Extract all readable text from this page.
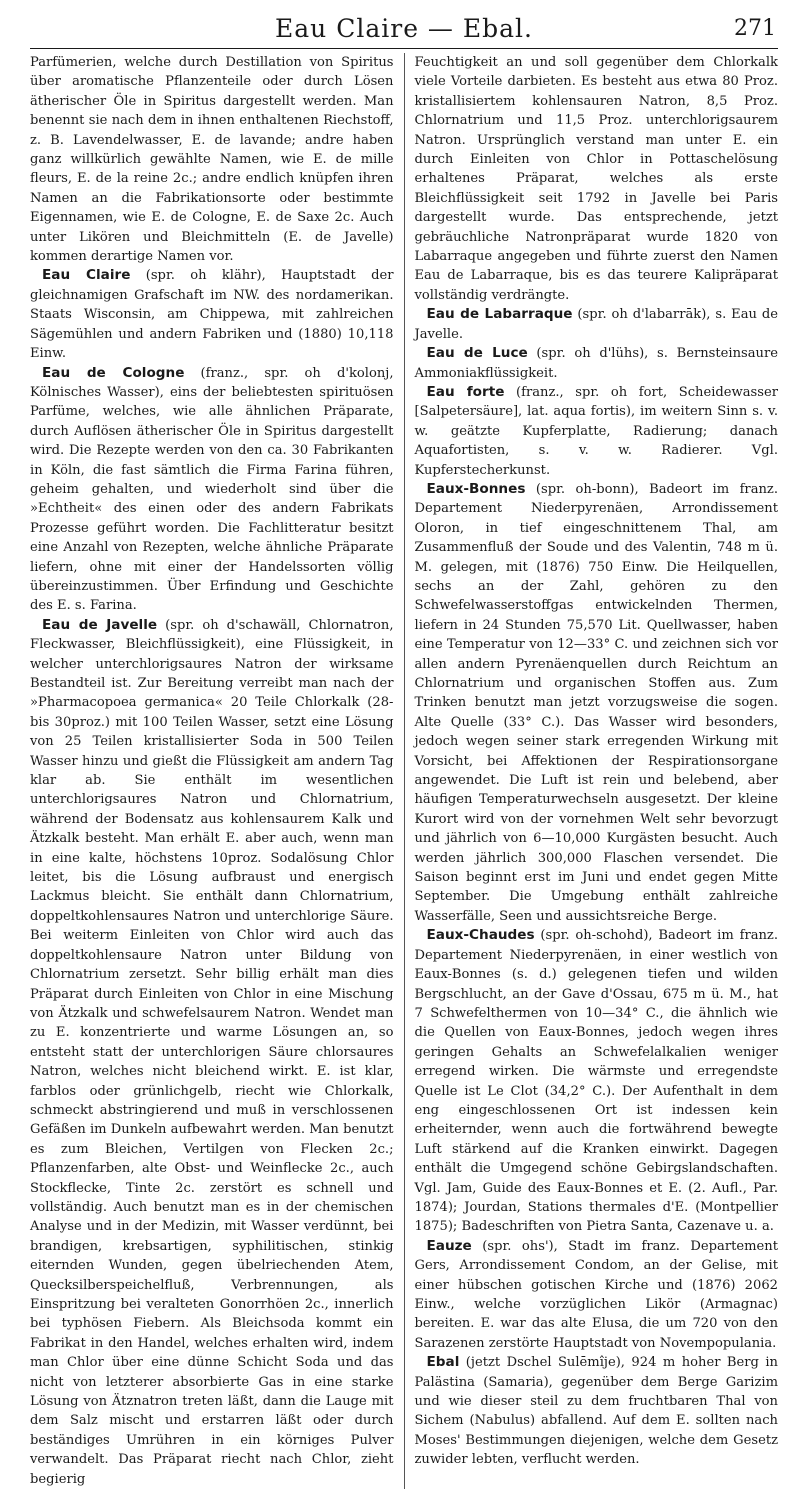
Eau Claire — Ebal.	271

Parfümerien, welche durch Destillation von Spiritus über aromatische Pflanzenteile oder durch Lösen ätherischer Öle in Spiritus dargestellt werden. Man benennt sie nach dem in ihnen enthaltenen Riechstoff, z. B. Lavendelwasser, E. de lavande; andre haben ganz willkürlich gewählte Namen, wie E. de mille fleurs, E. de la reine 2c.; andre endlich knüpfen ihren Namen an die Fabrikationsorte oder bestimmte Eigennamen, wie E. de Cologne, E. de Saxe 2c. Auch unter Likören und Bleichmitteln (E. de Javelle) kommen derartige Namen vor.

Eau Claire (spr. oh klähr), Hauptstadt der gleichnamigen Grafschaft im NW. des nordamerikan. Staats Wisconsin, am Chippewa, mit zahlreichen Sägemühlen und andern Fabriken und (1880) 10,118 Einw.

Eau de Cologne (franz., spr. oh d'kolonj, Kölnisches Wasser), eins der beliebtesten spirituösen Parfüme, welches, wie alle ähnlichen Präparate, durch Auflösen ätherischer Öle in Spiritus dargestellt wird. Die Rezepte werden von den ca. 30 Fabrikanten in Köln, die fast sämtlich die Firma Farina führen, geheim gehalten, und wiederholt sind über die »Echtheit« des einen oder des andern Fabrikats Prozesse geführt worden. Die Fachlitteratur besitzt eine Anzahl von Rezepten, welche ähnliche Präparate liefern, ohne mit einer der Handelssorten völlig übereinzustimmen. Über Erfindung und Geschichte des E. s. Farina.

Eau de Javelle (spr. oh d'schawäll, Chlornatron, Fleckwasser, Bleichflüssigkeit), eine Flüssigkeit, in welcher unterchlorigsaures Natron der wirksame Bestandteil ist. Zur Bereitung verreibt man nach der »Pharmacopoea germanica« 20 Teile Chlorkalk (28- bis 30proz.) mit 100 Teilen Wasser, setzt eine Lösung von 25 Teilen kristallisierter Soda in 500 Teilen Wasser hinzu und gießt die Flüssigkeit am andern Tag klar ab. Sie enthält im wesentlichen unterchlorigsaures Natron und Chlornatrium, während der Bodensatz aus kohlensaurem Kalk und Ätzkalk besteht. Man erhält E. aber auch, wenn man in eine kalte, höchstens 10proz. Sodalösung Chlor leitet, bis die Lösung aufbraust und energisch Lackmus bleicht. Sie enthält dann Chlornatrium, doppeltkohlensaures Natron und unterchlorige Säure. Bei weiterm Einleiten von Chlor wird auch das doppeltkohlensaure Natron unter Bildung von Chlornatrium zersetzt. Sehr billig erhält man dies Präparat durch Einleiten von Chlor in eine Mischung von Ätzkalk und schwefelsaurem Natron. Wendet man zu E. konzentrierte und warme Lösungen an, so entsteht statt der unterchlorigen Säure chlorsaures Natron, welches nicht bleichend wirkt. E. ist klar, farblos oder grünlichgelb, riecht wie Chlorkalk, schmeckt abstringierend und muß in verschlossenen Gefäßen im Dunkeln aufbewahrt werden. Man benutzt es zum Bleichen, Vertilgen von Flecken 2c.; Pflanzenfarben, alte Obst- und Weinflecke 2c., auch Stockflecke, Tinte 2c. zerstört es schnell und vollständig. Auch benutzt man es in der chemischen Analyse und in der Medizin, mit Wasser verdünnt, bei brandigen, krebsartigen, syphilitischen, stinkig eiternden Wunden, gegen übelriechenden Atem, Quecksilberspeichelfluß, Verbrennungen, als Einspritzung bei veralteten Gonorrhöen 2c., innerlich bei typhösen Fiebern. Als Bleichsoda kommt ein Fabrikat in den Handel, welches erhalten wird, indem man Chlor über eine dünne Schicht Soda und das nicht von letzterer absorbierte Gas in eine starke Lösung von Ätznatron treten läßt, dann die Lauge mit dem Salz mischt und erstarren läßt oder durch beständiges Umrühren in ein körniges Pulver verwandelt. Das Präparat riecht nach Chlor, zieht begierig

Feuchtigkeit an und soll gegenüber dem Chlorkalk viele Vorteile darbieten. Es besteht aus etwa 80 Proz. kristallisiertem kohlensauren Natron, 8,5 Proz. Chlornatrium und 11,5 Proz. unterchlorigsaurem Natron. Ursprünglich verstand man unter E. ein durch Einleiten von Chlor in Pottaschelösung erhaltenes Präparat, welches als erste Bleichflüssigkeit seit 1792 in Javelle bei Paris dargestellt wurde. Das entsprechende, jetzt gebräuchliche Natronpräparat wurde 1820 von Labarraque angegeben und führte zuerst den Namen Eau de Labarraque, bis es das teurere Kalipräparat vollständig verdrängte.

Eau de Labarraque (spr. oh d'labarrāk), s. Eau de Javelle.

Eau de Luce (spr. oh d'lühs), s. Bernsteinsaure Ammoniakflüssigkeit.

Eau forte (franz., spr. oh fort, Scheidewasser [Salpetersäure], lat. aqua fortis), im weitern Sinn s. v. w. geätzte Kupferplatte, Radierung; danach Aquafortisten, s. v. w. Radierer. Vgl. Kupferstecherkunst.

Eaux-Bonnes (spr. oh-bonn), Badeort im franz. Departement Niederpyrenäen, Arrondissement Oloron, in tief eingeschnittenem Thal, am Zusammenfluß der Soude und des Valentin, 748 m ü. M. gelegen, mit (1876) 750 Einw. Die Heilquellen, sechs an der Zahl, gehören zu den Schwefelwasserstoffgas entwickelnden Thermen, liefern in 24 Stunden 75,570 Lit. Quellwasser, haben eine Temperatur von 12—33° C. und zeichnen sich vor allen andern Pyrenäenquellen durch Reichtum an Chlornatrium und organischen Stoffen aus. Zum Trinken benutzt man jetzt vorzugsweise die sogen. Alte Quelle (33° C.). Das Wasser wird besonders, jedoch wegen seiner stark erregenden Wirkung mit Vorsicht, bei Affektionen der Respirationsorgane angewendet. Die Luft ist rein und belebend, aber häufigen Temperaturwechseln ausgesetzt. Der kleine Kurort wird von der vornehmen Welt sehr bevorzugt und jährlich von 6—10,000 Kurgästen besucht. Auch werden jährlich 300,000 Flaschen versendet. Die Saison beginnt erst im Juni und endet gegen Mitte September. Die Umgebung enthält zahlreiche Wasserfälle, Seen und aussichtsreiche Berge.

Eaux-Chaudes (spr. oh-schohd), Badeort im franz. Departement Niederpyrenäen, in einer westlich von Eaux-Bonnes (s. d.) gelegenen tiefen und wilden Bergschlucht, an der Gave d'Ossau, 675 m ü. M., hat 7 Schwefelthermen von 10—34° C., die ähnlich wie die Quellen von Eaux-Bonnes, jedoch wegen ihres geringen Gehalts an Schwefelalkalien weniger erregend wirken. Die wärmste und erregendste Quelle ist Le Clot (34,2° C.). Der Aufenthalt in dem eng eingeschlossenen Ort ist indessen kein erheiternder, wenn auch die fortwährend bewegte Luft stärkend auf die Kranken einwirkt. Dagegen enthält die Umgegend schöne Gebirgslandschaften. Vgl. Jam, Guide des Eaux-Bonnes et E. (2. Aufl., Par. 1874); Jourdan, Stations thermales d'E. (Montpellier 1875); Badeschriften von Pietra Santa, Cazenave u. a.

Eauze (spr. ohs'), Stadt im franz. Departement Gers, Arrondissement Condom, an der Gelise, mit einer hübschen gotischen Kirche und (1876) 2062 Einw., welche vorzüglichen Likör (Armagnac) bereiten. E. war das alte Elusa, die um 720 von den Sarazenen zerstörte Hauptstadt von Novempopulania.

Ebal (jetzt Dschel Sulēmîje), 924 m hoher Berg in Palästina (Samaria), gegenüber dem Berge Garizim und wie dieser steil zu dem fruchtbaren Thal von Sichem (Nabulus) abfallend. Auf dem E. sollten nach Moses' Bestimmungen diejenigen, welche dem Gesetz zuwider lebten, verflucht werden.
